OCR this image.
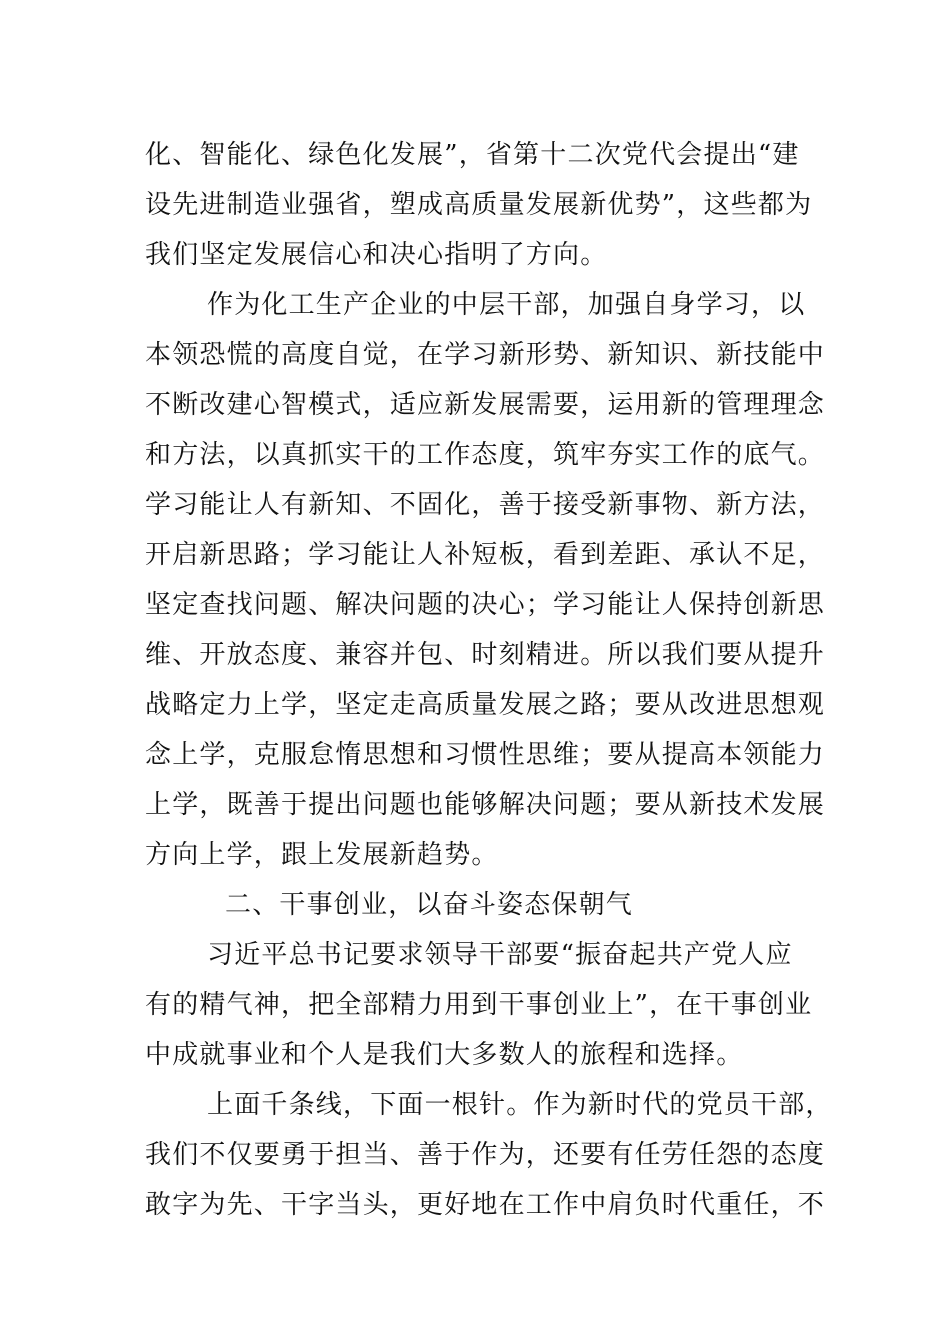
化、智能化、绿色化发展”，省第十二次党代会提出“建
设先进制造业强省，塑成高质量发展新优势”，这些都为
我们坚定发展信心和决心指明了方向。
作为化工生产企业的中层干部，加强自身学习，以
本领恐慌的高度自觉，在学习新形势、新知识、新技能中
不断改建心智模式，适应新发展需要，运用新的管理理念
和方法，以真抓实干的工作态度，筑牢夯实工作的底气。
学习能让人有新知、不固化，善于接受新事物、新方法，
开启新思路；学习能让人补短板，看到差距、承认不足，
坚定查找问题、解决问题的决心；学习能让人保持创新思
维、开放态度、兼容并包、时刻精进。所以我们要从提升
战略定力上学，坚定走高质量发展之路；要从改进思想观
念上学，克服怠惰思想和习惯性思维；要从提高本领能力
上学，既善于提出问题也能够解决问题；要从新技术发展
方向上学，跟上发展新趋势。
二、干事创业，以奋斗姿态保朝气
习近平总书记要求领导干部要“振奋起共产党人应
有的精气神，把全部精力用到干事创业上”，在干事创业
中成就事业和个人是我们大多数人的旅程和选择。
上面千条线，下面一根针。作为新时代的党员干部，
我们不仅要勇于担当、善于作为，还要有任劳任怨的态度
敢字为先、干字当头，更好地在工作中肩负时代重任，不
